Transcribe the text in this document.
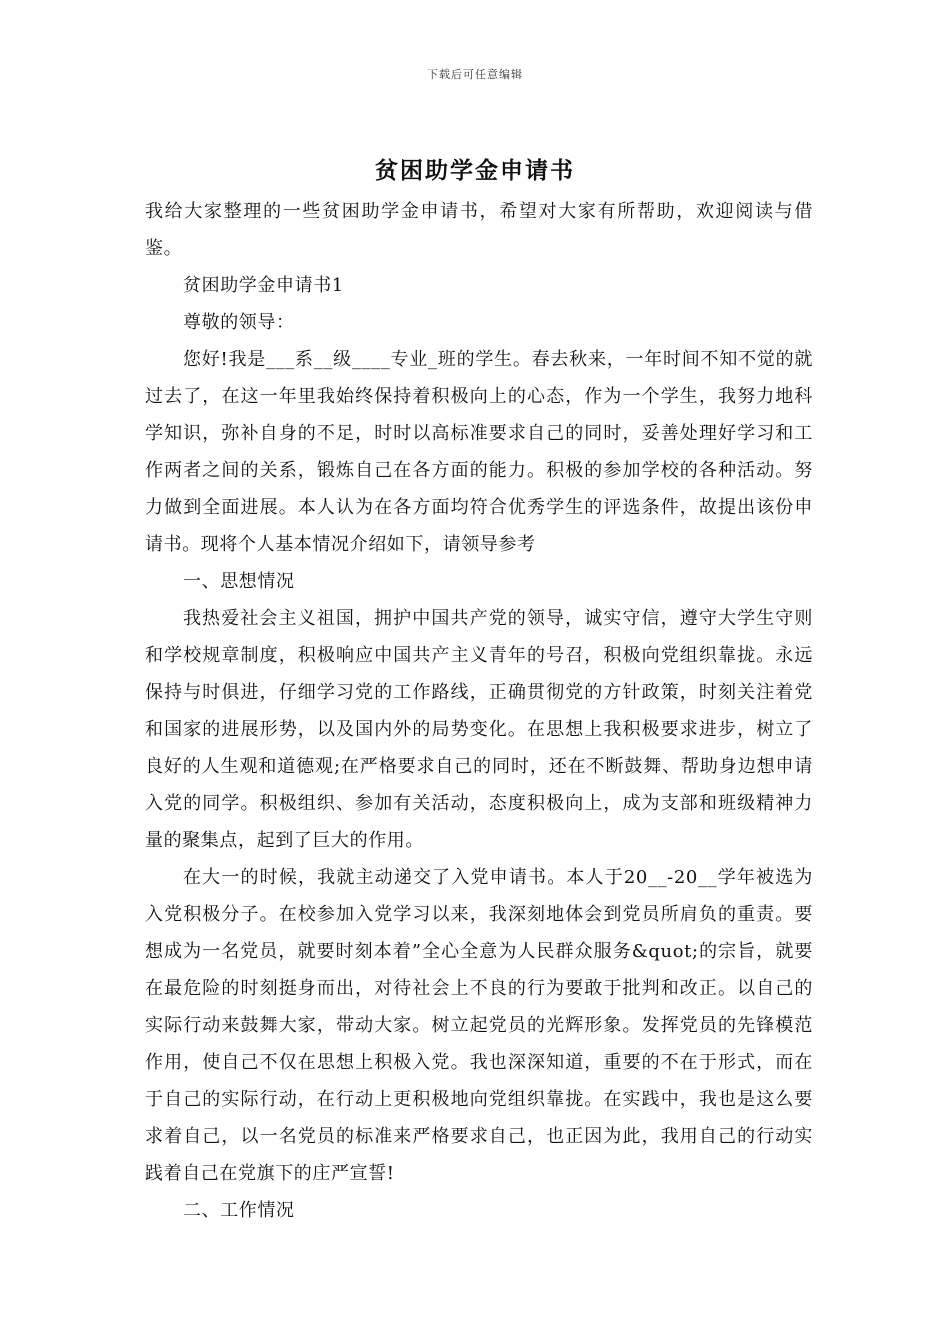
下载后可任意编辑
贫困助学金申请书

我给大家整理的一些贫困助学金申请书，希望对大家有所帮助，欢迎阅读与借鉴。

贫困助学金申请书1

尊敬的领导：

您好!我是___系__级____专业_班的学生。春去秋来，一年时间不知不觉的就过去了，在这一年里我始终保持着积极向上的心态，作为一个学生，我努力地科学知识，弥补自身的不足，时时以高标准要求自己的同时，妥善处理好学习和工作两者之间的关系，锻炼自己在各方面的能力。积极的参加学校的各种活动。努力做到全面进展。本人认为在各方面均符合优秀学生的评选条件，故提出该份申请书。现将个人基本情况介绍如下，请领导参考

一、思想情况

我热爱社会主义祖国，拥护中国共产党的领导，诚实守信，遵守大学生守则和学校规章制度，积极响应中国共产主义青年的号召，积极向党组织靠拢。永远保持与时俱进，仔细学习党的工作路线，正确贯彻党的方针政策，时刻关注着党和国家的进展形势，以及国内外的局势变化。在思想上我积极要求进步，树立了良好的人生观和道德观;在严格要求自己的同时，还在不断鼓舞、帮助身边想申请入党的同学。积极组织、参加有关活动，态度积极向上，成为支部和班级精神力量的聚集点，起到了巨大的作用。

在大一的时候，我就主动递交了入党申请书。本人于20__-20__学年被选为入党积极分子。在校参加入党学习以来，我深刻地体会到党员所肩负的重责。要想成为一名党员，就要时刻本着”全心全意为人民群众服务&quot;的宗旨，就要在最危险的时刻挺身而出，对待社会上不良的行为要敢于批判和改正。以自己的实际行动来鼓舞大家，带动大家。树立起党员的光辉形象。发挥党员的先锋模范作用，使自己不仅在思想上积极入党。我也深深知道，重要的不在于形式，而在于自己的实际行动，在行动上更积极地向党组织靠拢。在实践中，我也是这么要求着自己，以一名党员的标准来严格要求自己，也正因为此，我用自己的行动实践着自己在党旗下的庄严宣誓!

二、工作情况
